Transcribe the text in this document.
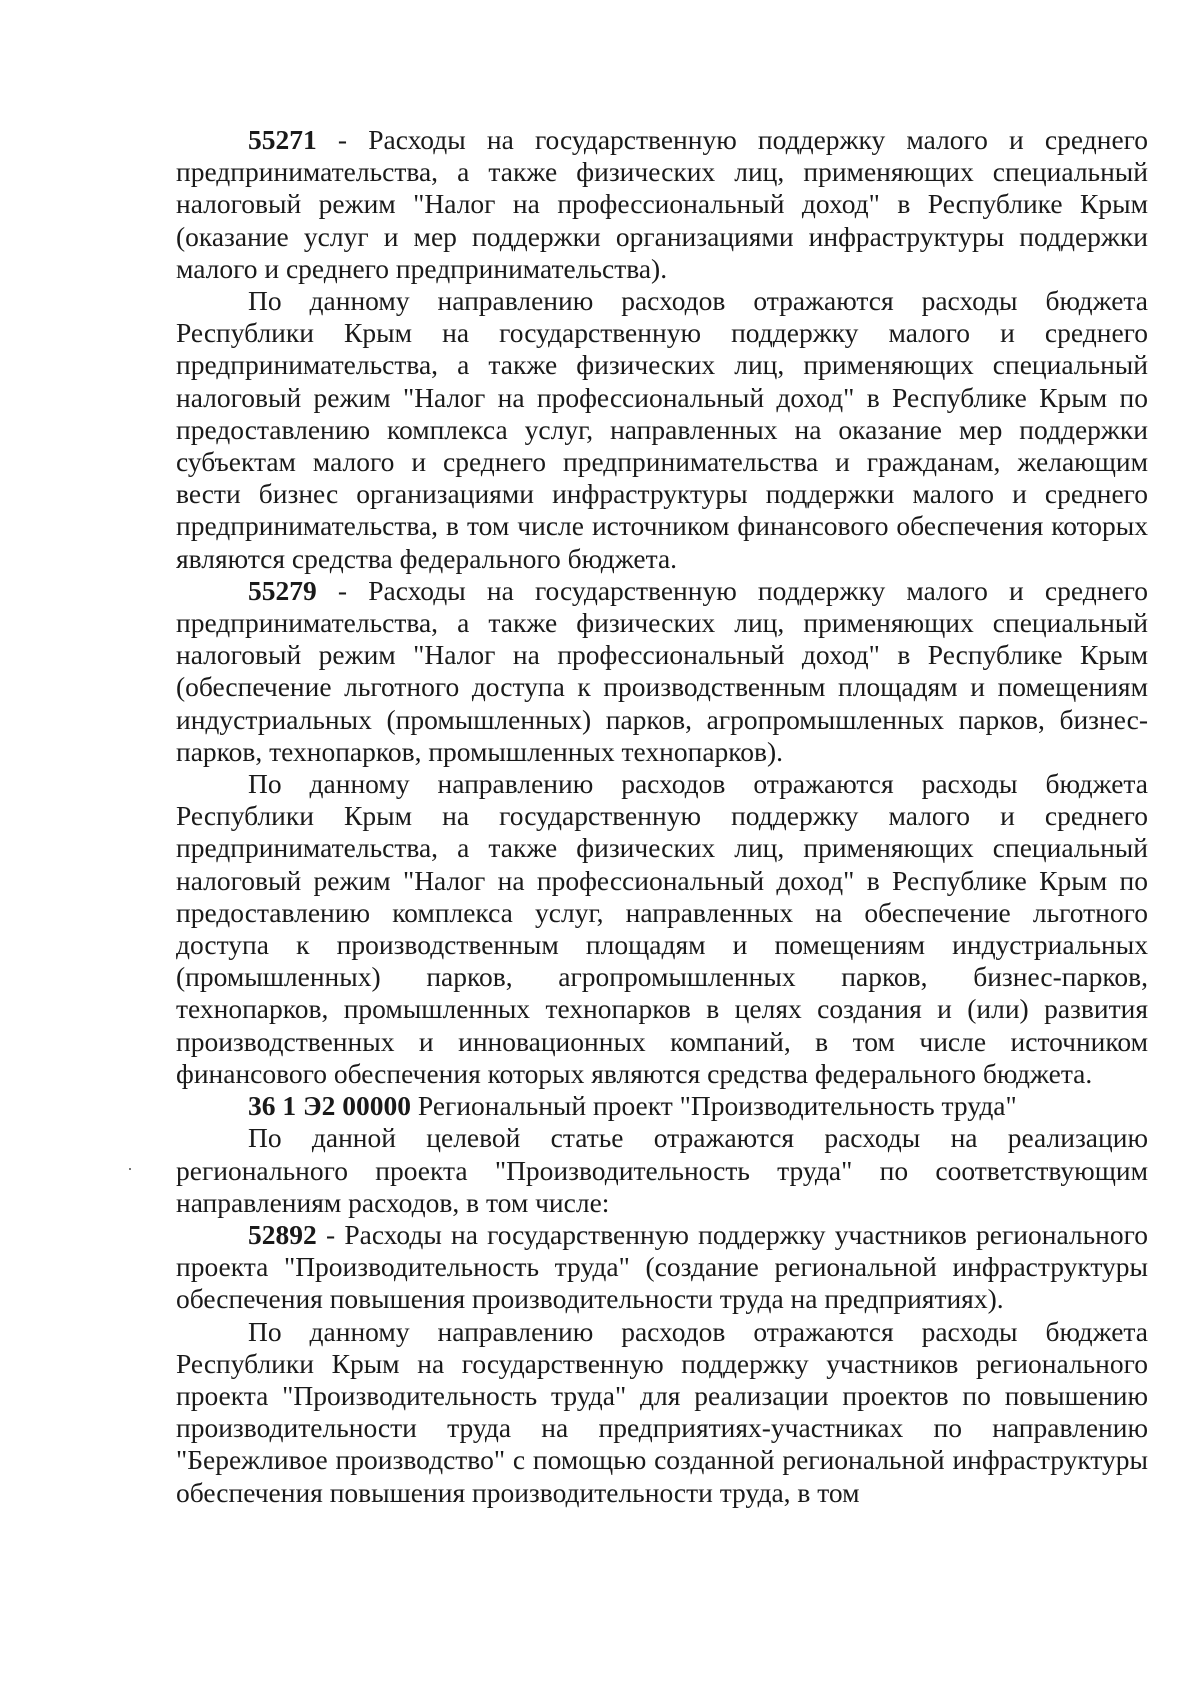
55271 - Расходы на государственную поддержку малого и среднего предпринимательства, а также физических лиц, применяющих специальный налоговый режим "Налог на профессиональный доход" в Республике Крым (оказание услуг и мер поддержки организациями инфраструктуры поддержки малого и среднего предпринимательства).

По данному направлению расходов отражаются расходы бюджета Республики Крым на государственную поддержку малого и среднего предпринимательства, а также физических лиц, применяющих специальный налоговый режим "Налог на профессиональный доход" в Республике Крым по предоставлению комплекса услуг, направленных на оказание мер поддержки субъектам малого и среднего предпринимательства и гражданам, желающим вести бизнес организациями инфраструктуры поддержки малого и среднего предпринимательства, в том числе источником финансового обеспечения которых являются средства федерального бюджета.

55279 - Расходы на государственную поддержку малого и среднего предпринимательства, а также физических лиц, применяющих специальный налоговый режим "Налог на профессиональный доход" в Республике Крым (обеспечение льготного доступа к производственным площадям и помещениям индустриальных (промышленных) парков, агропромышленных парков, бизнес-парков, технопарков, промышленных технопарков).

По данному направлению расходов отражаются расходы бюджета Республики Крым на государственную поддержку малого и среднего предпринимательства, а также физических лиц, применяющих специальный налоговый режим "Налог на профессиональный доход" в Республике Крым по предоставлению комплекса услуг, направленных на обеспечение льготного доступа к производственным площадям и помещениям индустриальных (промышленных) парков, агропромышленных парков, бизнес-парков, технопарков, промышленных технопарков в целях создания и (или) развития производственных и инновационных компаний, в том числе источником финансового обеспечения которых являются средства федерального бюджета.

36 1 Э2 00000 Региональный проект "Производительность труда"

По данной целевой статье отражаются расходы на реализацию регионального проекта "Производительность труда" по соответствующим направлениям расходов, в том числе:

52892 - Расходы на государственную поддержку участников регионального проекта "Производительность труда" (создание региональной инфраструктуры обеспечения повышения производительности труда на предприятиях).

По данному направлению расходов отражаются расходы бюджета Республики Крым на государственную поддержку участников регионального проекта "Производительность труда" для реализации проектов по повышению производительности труда на предприятиях-участниках по направлению "Бережливое производство" с помощью созданной региональной инфраструктуры обеспечения повышения производительности труда, в том
